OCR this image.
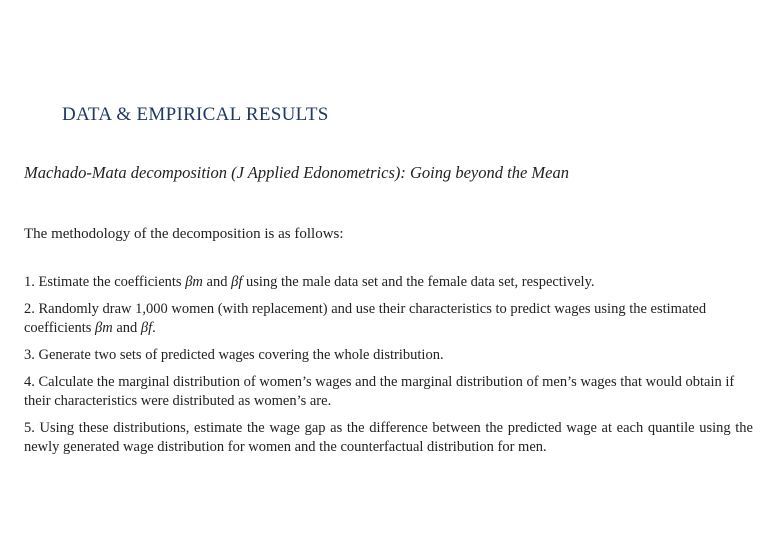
DATA & EMPIRICAL RESULTS

Machado-Mata decomposition (J Applied Edonometrics): Going beyond the Mean

The methodology of the decomposition is as follows:

1. Estimate the coefficients βm and βf using the male data set and the female data set, respectively.
2. Randomly draw 1,000 women (with replacement) and use their characteristics to predict wages using the estimated coefficients βm and βf.
3. Generate two sets of predicted wages covering the whole distribution.
4. Calculate the marginal distribution of women’s wages and the marginal distribution of men’s wages that would obtain if their characteristics were distributed as women’s are.
5. Using these distributions, estimate the wage gap as the difference between the predicted wage at each quantile using the newly generated wage distribution for women and the counterfactual distribution for men.
